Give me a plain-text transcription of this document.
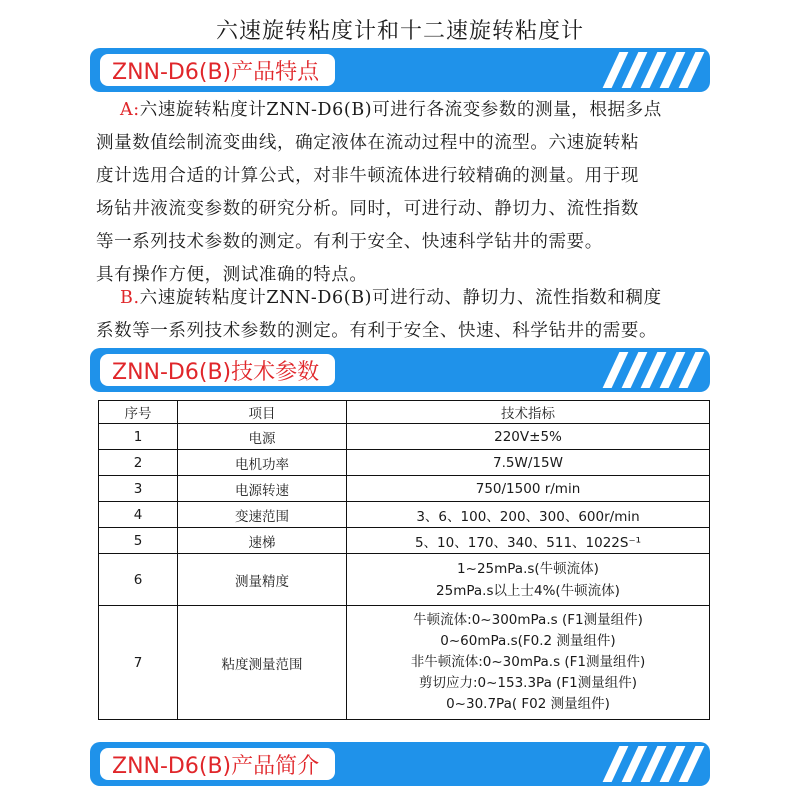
六速旋转粘度计和十二速旋转粘度计
ZNN-D6(B)产品特点
A:六速旋转粘度计ZNN-D6(B)可进行各流变参数的测量，根据多点
测量数值绘制流变曲线，确定液体在流动过程中的流型。六速旋转粘
度计选用合适的计算公式，对非牛顿流体进行较精确的测量。用于现
场钻井液流变参数的研究分析。同时，可进行动、静切力、流性指数
等一系列技术参数的测定。有利于安全、快速科学钻井的需要。
具有操作方便，测试准确的特点。
B.六速旋转粘度计ZNN-D6(B)可进行动、静切力、流性指数和稠度
系数等一系列技术参数的测定。有利于安全、快速、科学钻井的需要。
ZNN-D6(B)技术参数
序号	项目	技术指标
1	电源	220V±5%
2	电机功率	7.5W/15W
3	电源转速	750/1500 r/min
4	变速范围	3、6、100、200、300、600r/min
5	速梯	5、10、170、340、511、1022S⁻¹
6	测量精度	1~25mPa.s(牛顿流体)
25mPa.s以上士4%(牛顿流体)

7	粘度测量范围	牛顿流体:0~300mPa.s (F1测量组件)
0~60mPa.s(F0.2 测量组件)
非牛顿流体:0~30mPa.s (F1测量组件)
剪切应力:0~153.3Pa (F1测量组件)
0~30.7Pa( F02 测量组件)
ZNN-D6(B)产品简介
